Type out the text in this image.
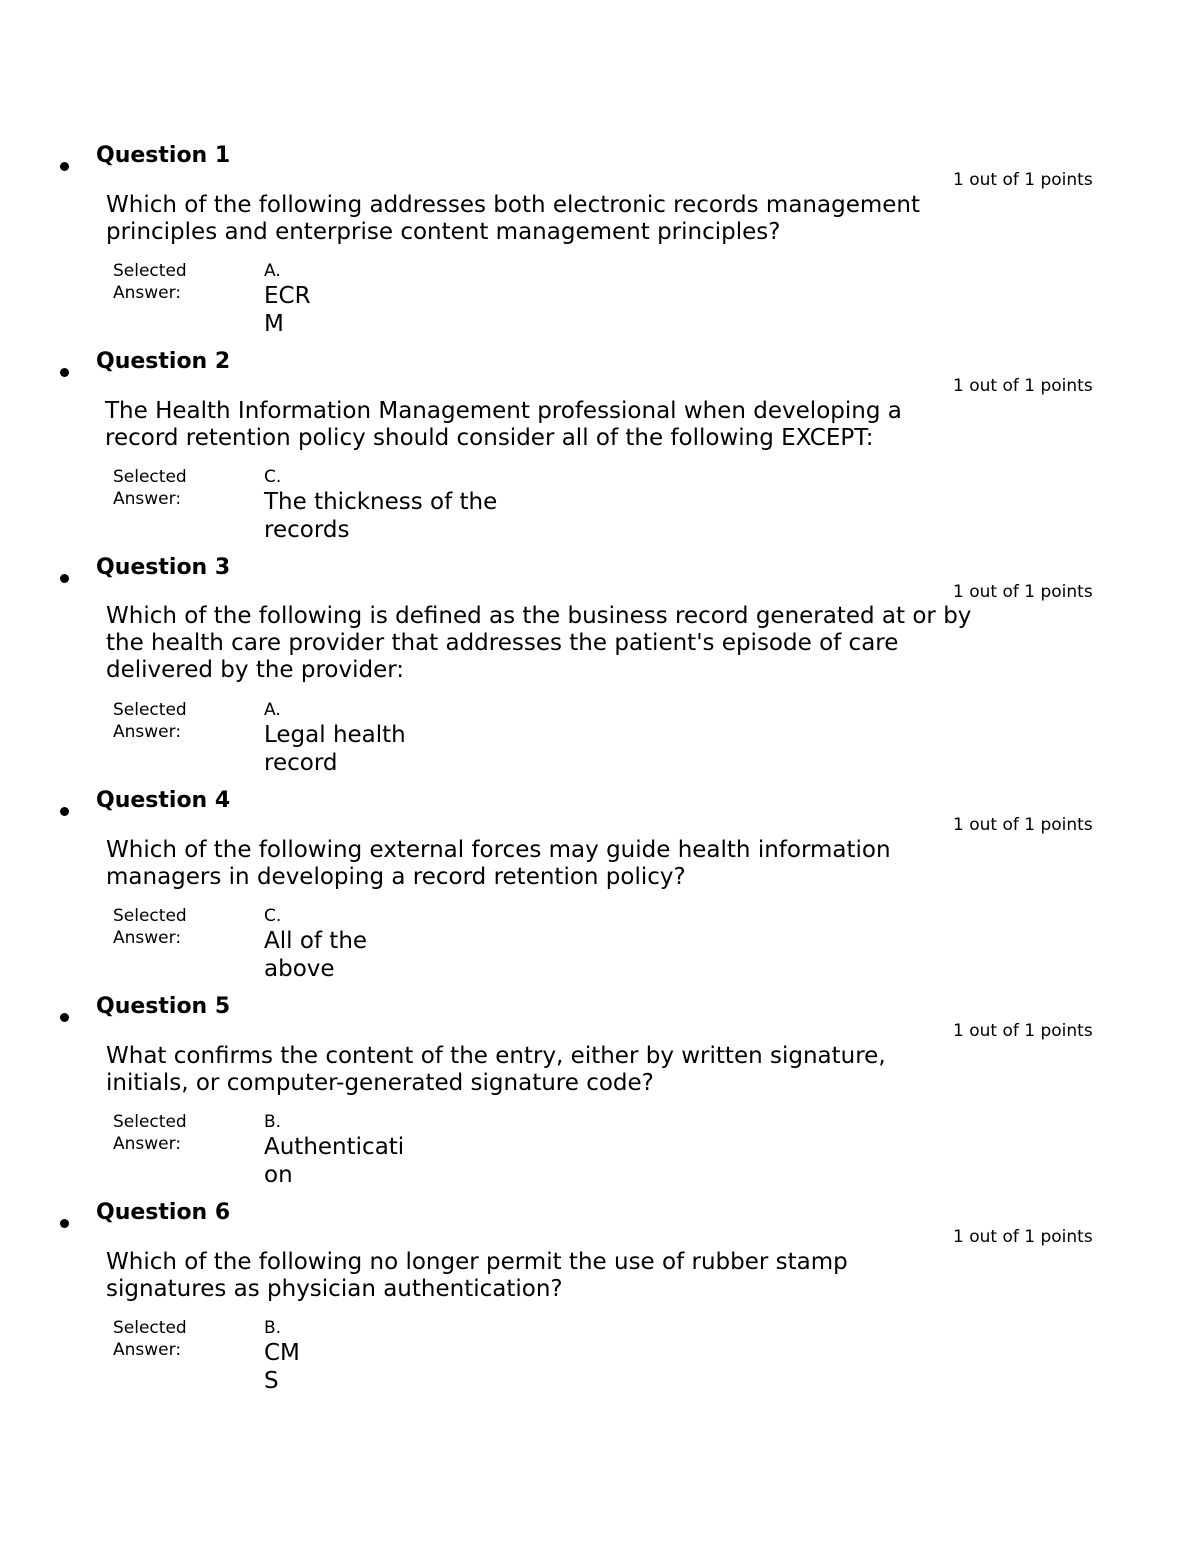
Question 1
1 out of 1 points
Which of the following addresses both electronic records management principles and enterprise content management principles?
Selected Answer:
A.
ECRM
Question 2
1 out of 1 points
The Health Information Management professional when developing a record retention policy should consider all of the following EXCEPT:
Selected Answer:
C.
The thickness of the records
Question 3
1 out of 1 points
Which of the following is defined as the business record generated at or by the health care provider that addresses the patient's episode of care delivered by the provider:
Selected Answer:
A.
Legal health record
Question 4
1 out of 1 points
Which of the following external forces may guide health information managers in developing a record retention policy?
Selected Answer:
C.
All of the above
Question 5
1 out of 1 points
What confirms the content of the entry, either by written signature, initials, or computer-generated signature code?
Selected Answer:
B.
Authentication
Question 6
1 out of 1 points
Which of the following no longer permit the use of rubber stamp signatures as physician authentication?
Selected Answer:
B.
CMS
